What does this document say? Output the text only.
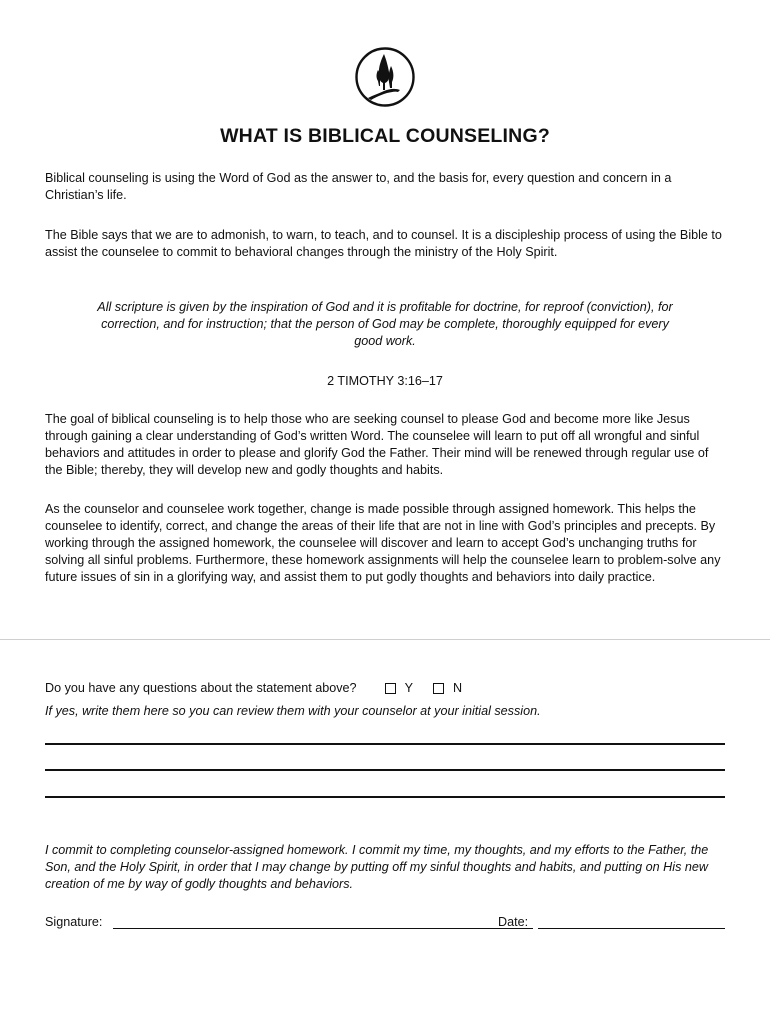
WHAT IS BIBLICAL COUNSELING?

Biblical counseling is using the Word of God as the answer to, and the basis for, every question and concern in a Christian’s life.

The Bible says that we are to admonish, to warn, to teach, and to counsel. It is a discipleship process of using the Bible to assist the counselee to commit to behavioral changes through the ministry of the Holy Spirit.

All scripture is given by the inspiration of God and it is profitable for doctrine, for reproof (conviction), for correction, and for instruction; that the person of God may be complete, thoroughly equipped for every good work.

2 TIMOTHY 3:16–17

The goal of biblical counseling is to help those who are seeking counsel to please God and become more like Jesus through gaining a clear understanding of God’s written Word. The counselee will learn to put off all wrongful and sinful behaviors and attitudes in order to please and glorify God the Father. Their mind will be renewed through regular use of the Bible; thereby, they will develop new and godly thoughts and habits.

As the counselor and counselee work together, change is made possible through assigned homework. This helps the counselee to identify, correct, and change the areas of their life that are not in line with God’s principles and precepts. By working through the assigned homework, the counselee will discover and learn to accept God’s unchanging truths for solving all sinful problems. Furthermore, these homework assignments will help the counselee learn to problem-solve any future issues of sin in a glorifying way, and assist them to put godly thoughts and behaviors into daily practice.

Do you have any questions about the statement above?	Y	N
If yes, write them here so you can review them with your counselor at your initial session.

I commit to completing counselor-assigned homework. I commit my time, my thoughts, and my efforts to the Father, the Son, and the Holy Spirit, in order that I may change by putting off my sinful thoughts and habits, and putting on His new creation of me by way of godly thoughts and behaviors.

Signature:	Date:
